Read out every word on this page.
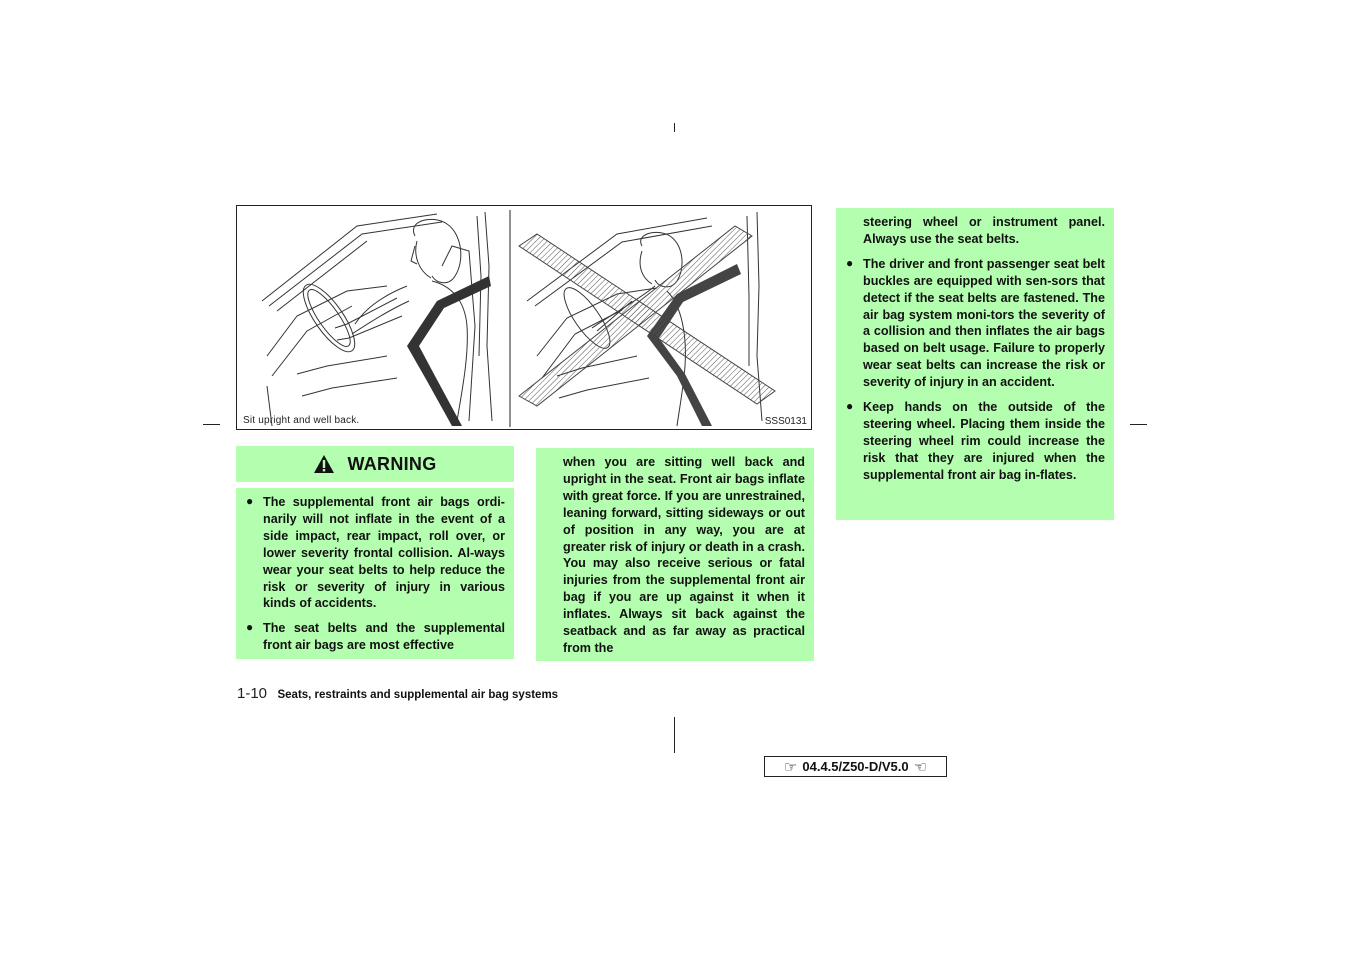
Sit upright and well back.	SSS0131
WARNING
● The supplemental front air bags ordi-narily will not inflate in the event of a side impact, rear impact, roll over, or lower severity frontal collision. Al-ways wear your seat belts to help reduce the risk or severity of injury in various kinds of accidents.

● The seat belts and the supplemental front air bags are most effective

when you are sitting well back and upright in the seat. Front air bags inflate with great force. If you are unrestrained, leaning forward, sitting sideways or out of position in any way, you are at greater risk of injury or death in a crash. You may also receive serious or fatal injuries from the supplemental front air bag if you are up against it when it inflates. Always sit back against the seatback and as far away as practical from the

steering wheel or instrument panel. Always use the seat belts.

● The driver and front passenger seat belt buckles are equipped with sen-sors that detect if the seat belts are fastened. The air bag system moni-tors the severity of a collision and then inflates the air bags based on belt usage. Failure to properly wear seat belts can increase the risk or severity of injury in an accident.

● Keep hands on the outside of the steering wheel. Placing them inside the steering wheel rim could increase the risk that they are injured when the supplemental front air bag in-flates.

1-10 Seats, restraints and supplemental air bag systems
☞ 04.4.5/Z50-D/V5.0 ☜
